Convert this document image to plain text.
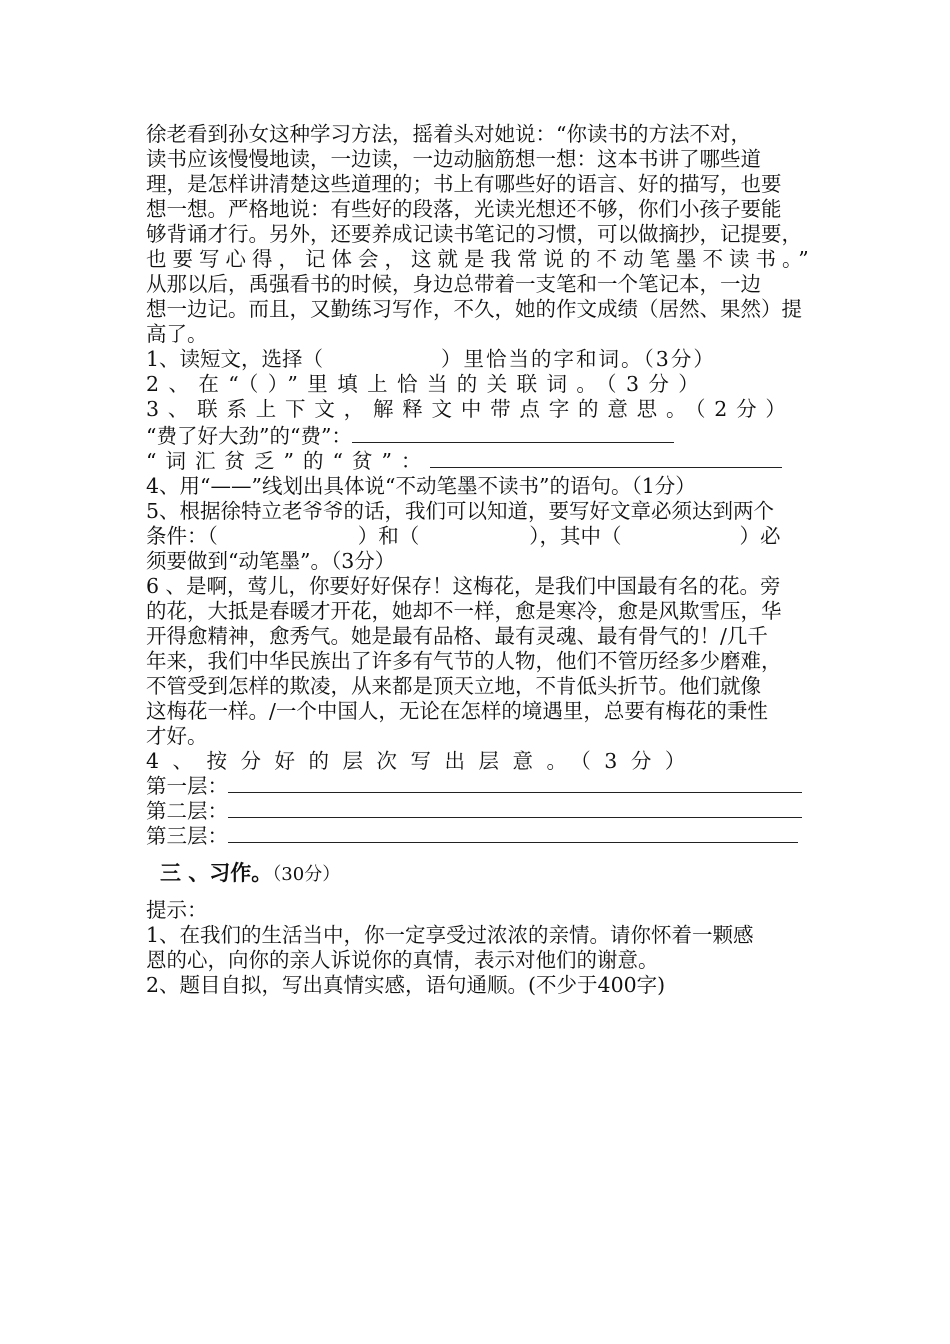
徐老看到孙女这种学习方法，摇着头对她说：“你读书的方法不对，
读书应该慢慢地读，一边读，一边动脑筋想一想：这本书讲了哪些道
理，是怎样讲清楚这些道理的；书上有哪些好的语言、好的描写，也要
想一想。严格地说：有些好的段落，光读光想还不够，你们小孩子要能
够背诵才行。另外，还要养成记读书笔记的习惯，可以做摘抄，记提要，
也要写心得，记体会，这就是我常说的不动笔墨不读书。”
从那以后，禹强看书的时候，身边总带着一支笔和一个笔记本，一边
想一边记。而且，又勤练习写作，不久，她的作文成绩（居然、果然）提
高了。
1、读短文，选择（	）里恰当的字和词。（3分）
2、在“（）”里填上恰当的关联词。（3分）
3、联系上下文，解释文中带点字的意思。（2分）
“费了好大劲”的“费”：
“词汇贫乏”的“贫”：
4、用“——”线划出具体说“不动笔墨不读书”的语句。（1分）
5、根据徐特立老爷爷的话，我们可以知道，要写好文章必须达到两个
条件：（	）和（	），其中（	）必
须要做到“动笔墨”。（3分）
6 、是啊，莺儿，你要好好保存！这梅花，是我们中国最有名的花。旁
的花，大抵是春暖才开花，她却不一样，愈是寒冷，愈是风欺雪压，华
开得愈精神，愈秀气。她是最有品格、最有灵魂、最有骨气的！/几千
年来，我们中华民族出了许多有气节的人物，他们不管历经多少磨难，
不管受到怎样的欺凌，从来都是顶天立地，不肯低头折节。他们就像
这梅花一样。/一个中国人，无论在怎样的境遇里，总要有梅花的秉性
才好。
4、按分好的层次写出层意。（3分）
第一层：
第二层：
第三层：
三 、习作。（30分）
提示：
1、在我们的生活当中，你一定享受过浓浓的亲情。请你怀着一颗感
恩的心，向你的亲人诉说你的真情，表示对他们的谢意。
2、题目自拟，写出真情实感，语句通顺。(不少于400字)
